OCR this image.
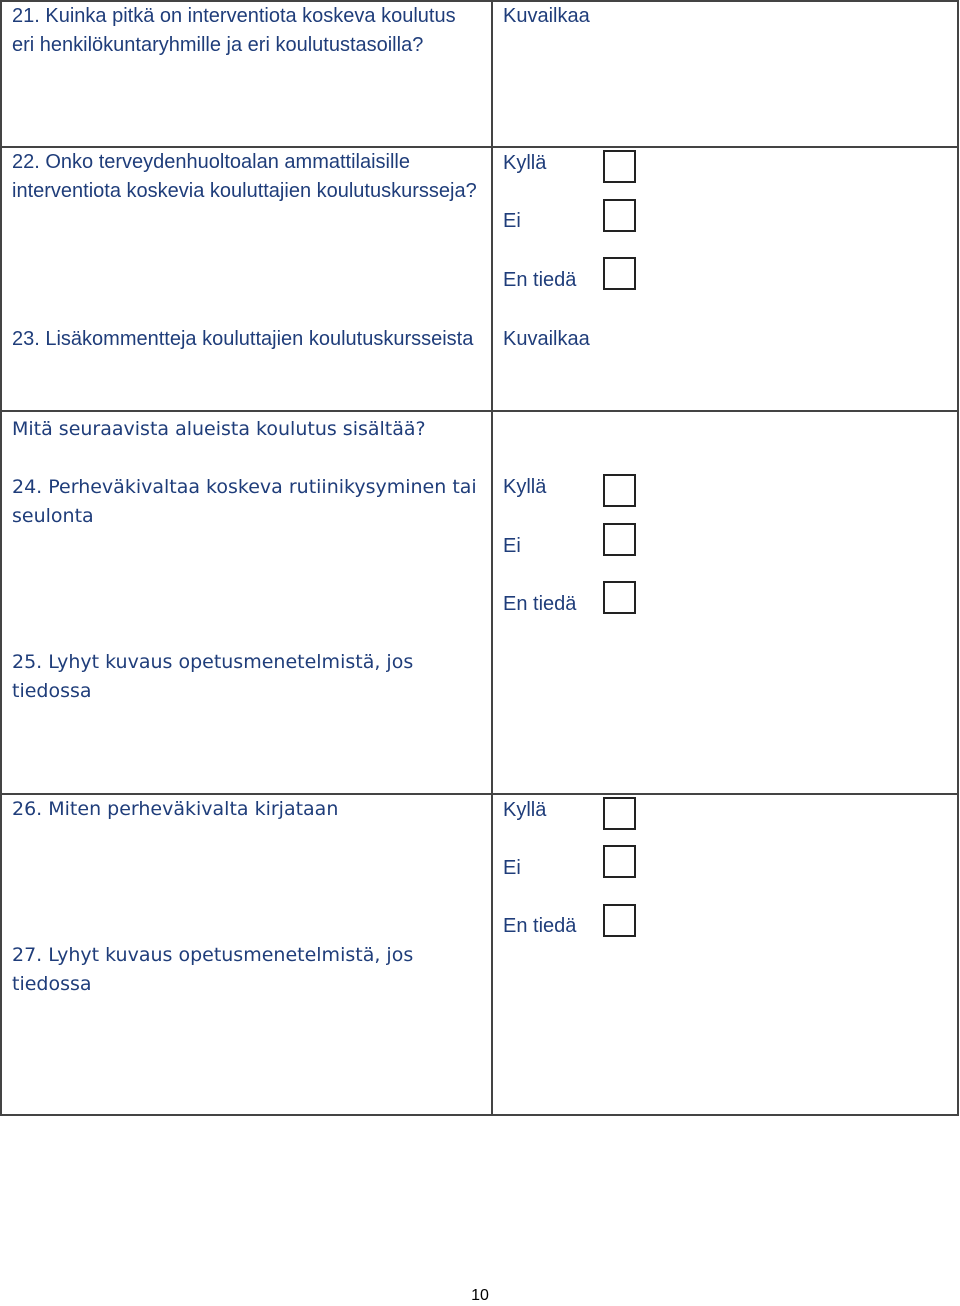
21. Kuinka pitkä on interventiota koskeva koulutus eri henkilökuntaryhmille ja eri koulutustasoilla?
Kuvailkaa
22. Onko terveydenhuoltoalan ammattilaisille interventiota koskevia kouluttajien koulutuskursseja?
Kyllä
Ei
En tiedä
23. Lisäkommentteja kouluttajien koulutuskursseista	Kuvailkaa
Mitä seuraavista alueista koulutus sisältää?
24. Perheväkivaltaa koskeva rutiinikysyminen tai seulonta
Kyllä
Ei
En tiedä
25. Lyhyt kuvaus opetusmenetelmistä, jos tiedossa
26. Miten perheväkivalta kirjataan	Kyllä
Ei
En tiedä
27. Lyhyt kuvaus opetusmenetelmistä, jos tiedossa
10
